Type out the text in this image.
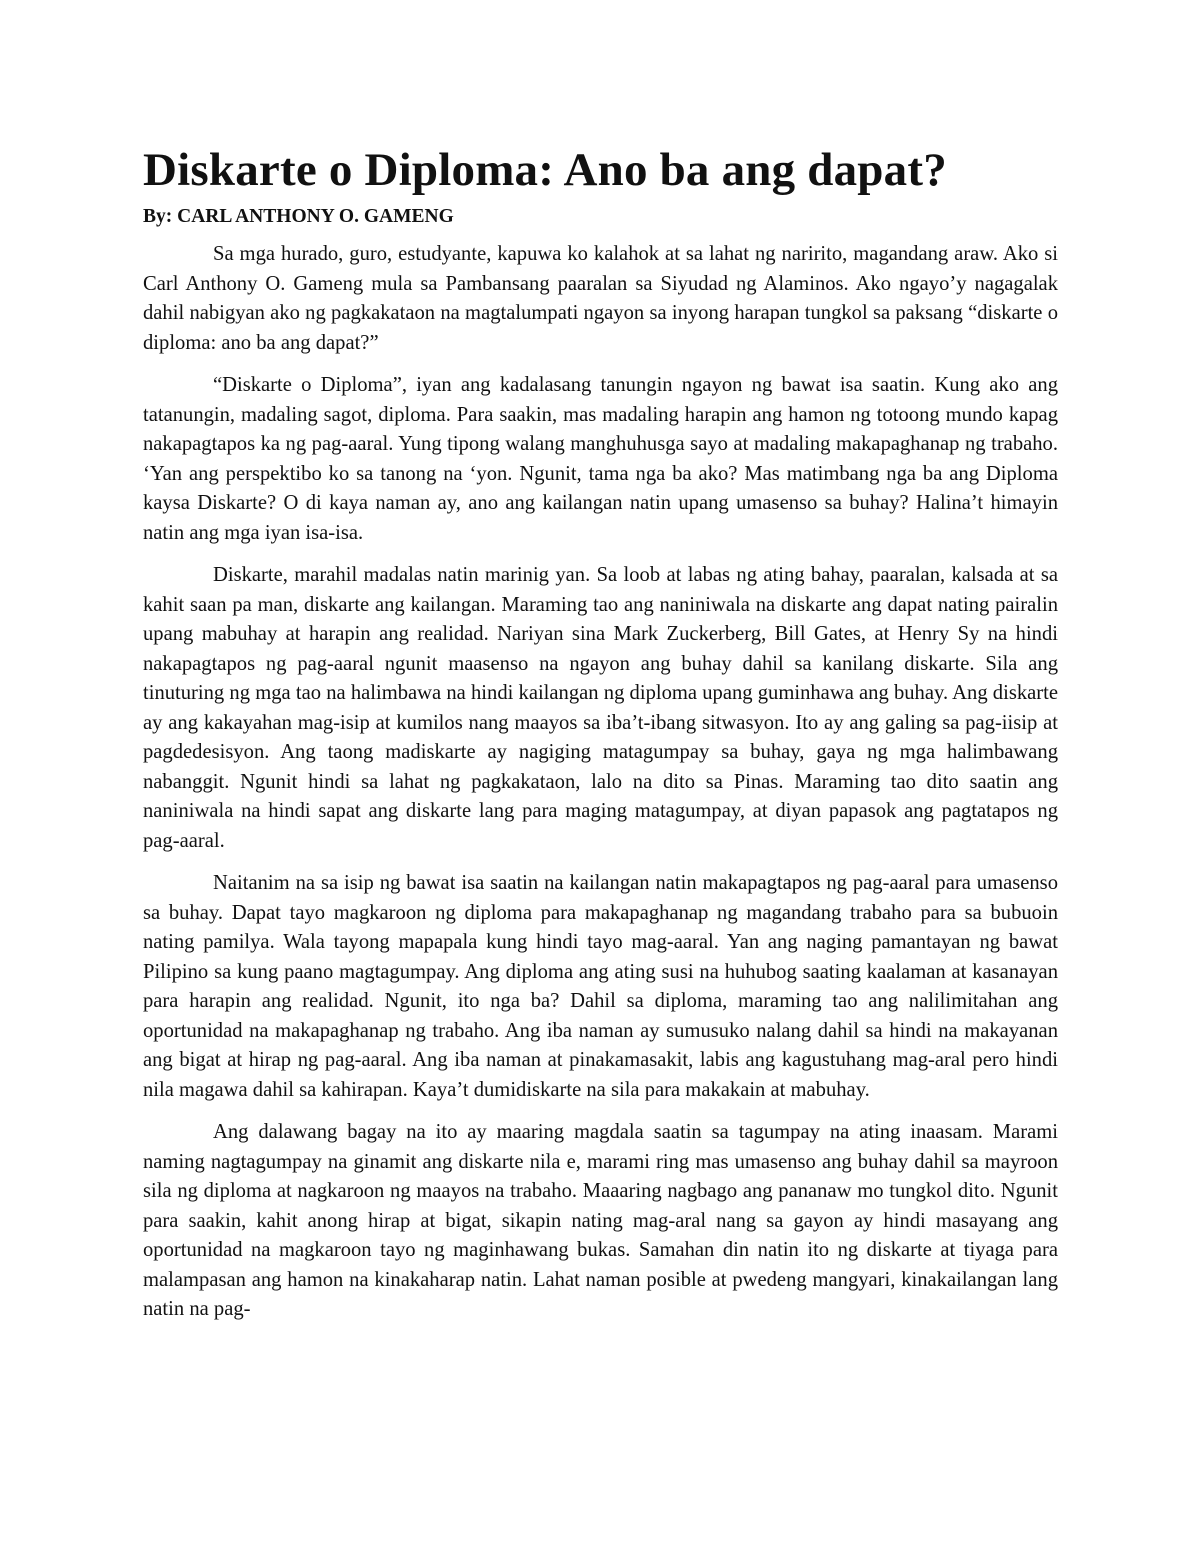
Diskarte o Diploma: Ano ba ang dapat?
By: CARL ANTHONY O. GAMENG

Sa mga hurado, guro, estudyante, kapuwa ko kalahok at sa lahat ng naririto, magandang araw. Ako si Carl Anthony O. Gameng mula sa Pambansang paaralan sa Siyudad ng Alaminos. Ako ngayo’y nagagalak dahil nabigyan ako ng pagkakataon na magtalumpati ngayon sa inyong harapan tungkol sa paksang “diskarte o diploma: ano ba ang dapat?”

“Diskarte o Diploma”, iyan ang kadalasang tanungin ngayon ng bawat isa saatin. Kung ako ang tatanungin, madaling sagot, diploma. Para saakin, mas madaling harapin ang hamon ng totoong mundo kapag nakapagtapos ka ng pag-aaral. Yung tipong walang manghuhusga sayo at madaling makapaghanap ng trabaho. ‘Yan ang perspektibo ko sa tanong na ‘yon. Ngunit, tama nga ba ako? Mas matimbang nga ba ang Diploma kaysa Diskarte? O di kaya naman ay, ano ang kailangan natin upang umasenso sa buhay? Halina’t himayin natin ang mga iyan isa-isa.

Diskarte, marahil madalas natin marinig yan. Sa loob at labas ng ating bahay, paaralan, kalsada at sa kahit saan pa man, diskarte ang kailangan. Maraming tao ang naniniwala na diskarte ang dapat nating pairalin upang mabuhay at harapin ang realidad. Nariyan sina Mark Zuckerberg, Bill Gates, at Henry Sy na hindi nakapagtapos ng pag-aaral ngunit maasenso na ngayon ang buhay dahil sa kanilang diskarte. Sila ang tinuturing ng mga tao na halimbawa na hindi kailangan ng diploma upang guminhawa ang buhay. Ang diskarte ay ang kakayahan mag-isip at kumilos nang maayos sa iba’t-ibang sitwasyon. Ito ay ang galing sa pag-iisip at pagdedesisyon. Ang taong madiskarte ay nagiging matagumpay sa buhay, gaya ng mga halimbawang nabanggit. Ngunit hindi sa lahat ng pagkakataon, lalo na dito sa Pinas. Maraming tao dito saatin ang naniniwala na hindi sapat ang diskarte lang para maging matagumpay, at diyan papasok ang pagtatapos ng pag-aaral.

Naitanim na sa isip ng bawat isa saatin na kailangan natin makapagtapos ng pag-aaral para umasenso sa buhay. Dapat tayo magkaroon ng diploma para makapaghanap ng magandang trabaho para sa bubuoin nating pamilya. Wala tayong mapapala kung hindi tayo mag-aaral. Yan ang naging pamantayan ng bawat Pilipino sa kung paano magtagumpay. Ang diploma ang ating susi na huhubog saating kaalaman at kasanayan para harapin ang realidad. Ngunit, ito nga ba? Dahil sa diploma, maraming tao ang nalilimitahan ang oportunidad na makapaghanap ng trabaho. Ang iba naman ay sumusuko nalang dahil sa hindi na makayanan ang bigat at hirap ng pag-aaral. Ang iba naman at pinakamasakit, labis ang kagustuhang mag-aral pero hindi nila magawa dahil sa kahirapan. Kaya’t dumidiskarte na sila para makakain at mabuhay.

Ang dalawang bagay na ito ay maaring magdala saatin sa tagumpay na ating inaasam. Marami naming nagtagumpay na ginamit ang diskarte nila e, marami ring mas umasenso ang buhay dahil sa mayroon sila ng diploma at nagkaroon ng maayos na trabaho. Maaaring nagbago ang pananaw mo tungkol dito. Ngunit para saakin, kahit anong hirap at bigat, sikapin nating mag-aral nang sa gayon ay hindi masayang ang oportunidad na magkaroon tayo ng maginhawang bukas. Samahan din natin ito ng diskarte at tiyaga para malampasan ang hamon na kinakaharap natin. Lahat naman posible at pwedeng mangyari, kinakailangan lang natin na pag-
